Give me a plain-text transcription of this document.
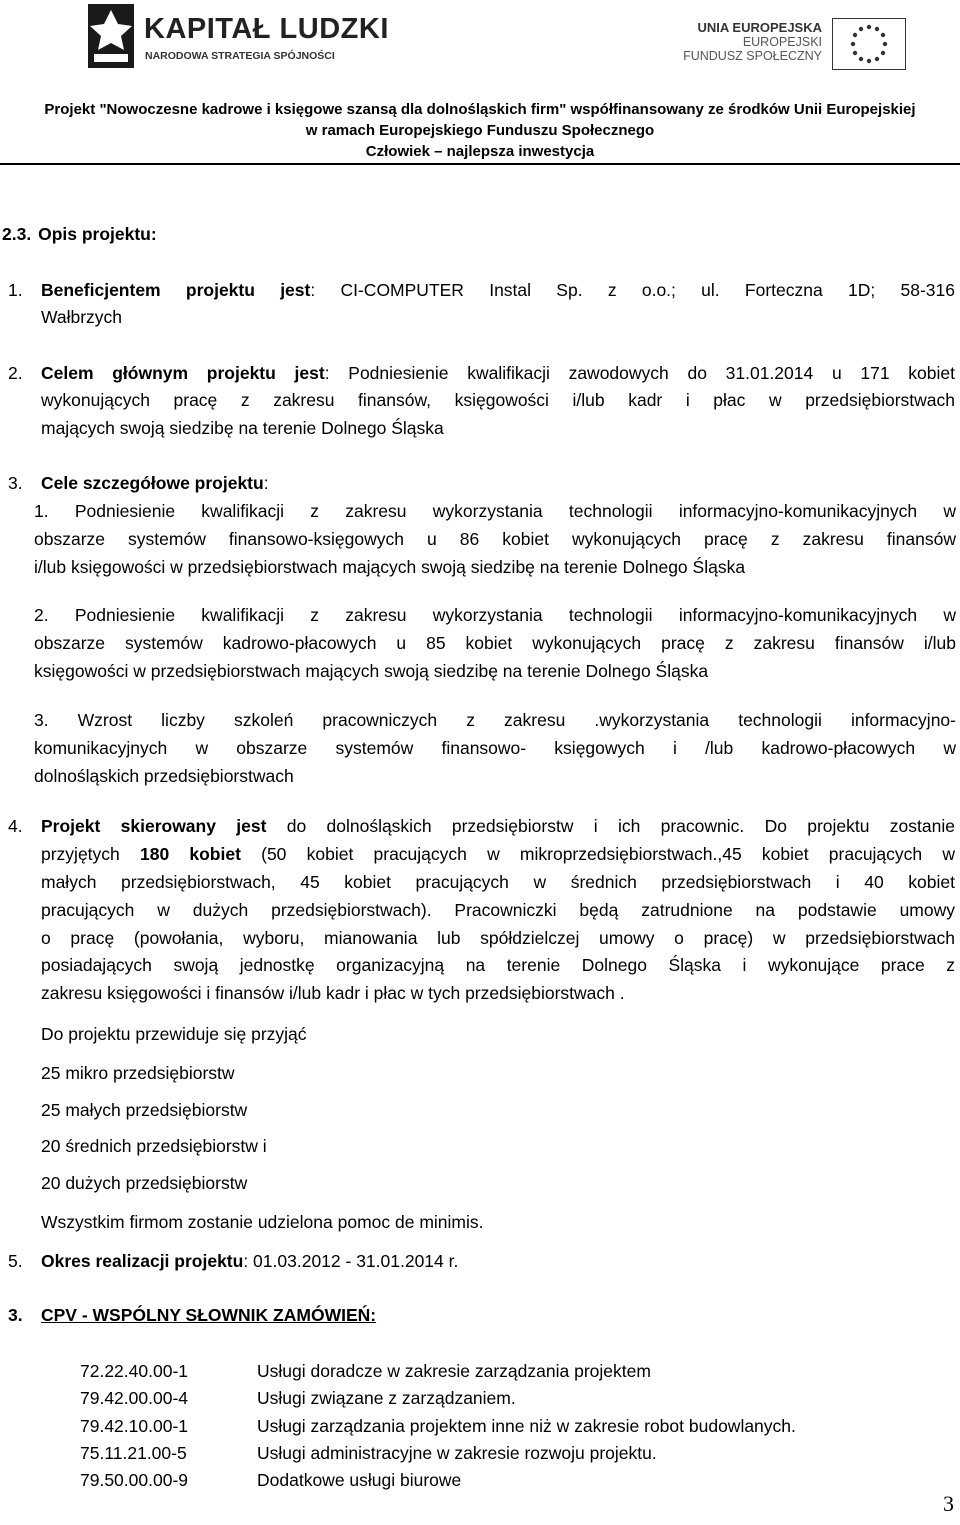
KAPITAŁ LUDZKI
NARODOWA STRATEGIA SPÓJNOŚCI
UNIA EUROPEJSKA
EUROPEJSKI
FUNDUSZ SPOŁECZNY
Projekt "Nowoczesne kadrowe i księgowe szansą dla dolnośląskich firm" współfinansowany ze środków Unii Europejskiej
w ramach Europejskiego Funduszu Społecznego
Człowiek – najlepsza inwestycja
2.3. Opis projektu:
1. Beneficjentem projektu jest: CI-COMPUTER Instal Sp. z o.o.; ul. Forteczna 1D; 58-316
Wałbrzych
2. Celem głównym projektu jest: Podniesienie kwalifikacji zawodowych do 31.01.2014 u 171 kobiet
wykonujących pracę z zakresu finansów, księgowości i/lub kadr i płac w przedsiębiorstwach
mających swoją siedzibę na terenie Dolnego Śląska
3. Cele szczegółowe projektu:
1. Podniesienie kwalifikacji z zakresu wykorzystania technologii informacyjno-komunikacyjnych w
obszarze systemów finansowo-księgowych u 86 kobiet wykonujących pracę z zakresu finansów
i/lub księgowości w przedsiębiorstwach mających swoją siedzibę na terenie Dolnego Śląska
2. Podniesienie kwalifikacji z zakresu wykorzystania technologii informacyjno-komunikacyjnych w
obszarze systemów kadrowo-płacowych u 85 kobiet wykonujących pracę z zakresu finansów i/lub
księgowości w przedsiębiorstwach mających swoją siedzibę na terenie Dolnego Śląska
3. Wzrost liczby szkoleń pracowniczych z zakresu .wykorzystania technologii informacyjno-
komunikacyjnych w obszarze systemów finansowo- księgowych i /lub kadrowo-płacowych w
dolnośląskich przedsiębiorstwach
4. Projekt skierowany jest do dolnośląskich przedsiębiorstw i ich pracownic. Do projektu zostanie
przyjętych 180 kobiet (50 kobiet pracujących w mikroprzedsiębiorstwach.,45 kobiet pracujących w
małych przedsiębiorstwach, 45 kobiet pracujących w średnich przedsiębiorstwach i 40 kobiet
pracujących w dużych przedsiębiorstwach). Pracowniczki będą zatrudnione na podstawie umowy
o pracę (powołania, wyboru, mianowania lub spółdzielczej umowy o pracę) w przedsiębiorstwach
posiadających swoją jednostkę organizacyjną na terenie Dolnego Śląska i wykonujące prace z
zakresu księgowości i finansów i/lub kadr i płac w tych przedsiębiorstwach .
Do projektu przewiduje się przyjąć
25 mikro przedsiębiorstw
25 małych przedsiębiorstw
20 średnich przedsiębiorstw i
20 dużych przedsiębiorstw
Wszystkim firmom zostanie udzielona pomoc de minimis.
5. Okres realizacji projektu: 01.03.2012 - 31.01.2014 r.
3. CPV - WSPÓLNY SŁOWNIK ZAMÓWIEŃ:
72.22.40.00-1	Usługi doradcze w zakresie zarządzania projektem
79.42.00.00-4	Usługi związane z zarządzaniem.
79.42.10.00-1	Usługi zarządzania projektem inne niż w zakresie robot budowlanych.
75.11.21.00-5	Usługi administracyjne w zakresie rozwoju projektu.
79.50.00.00-9	Dodatkowe usługi biurowe
3
